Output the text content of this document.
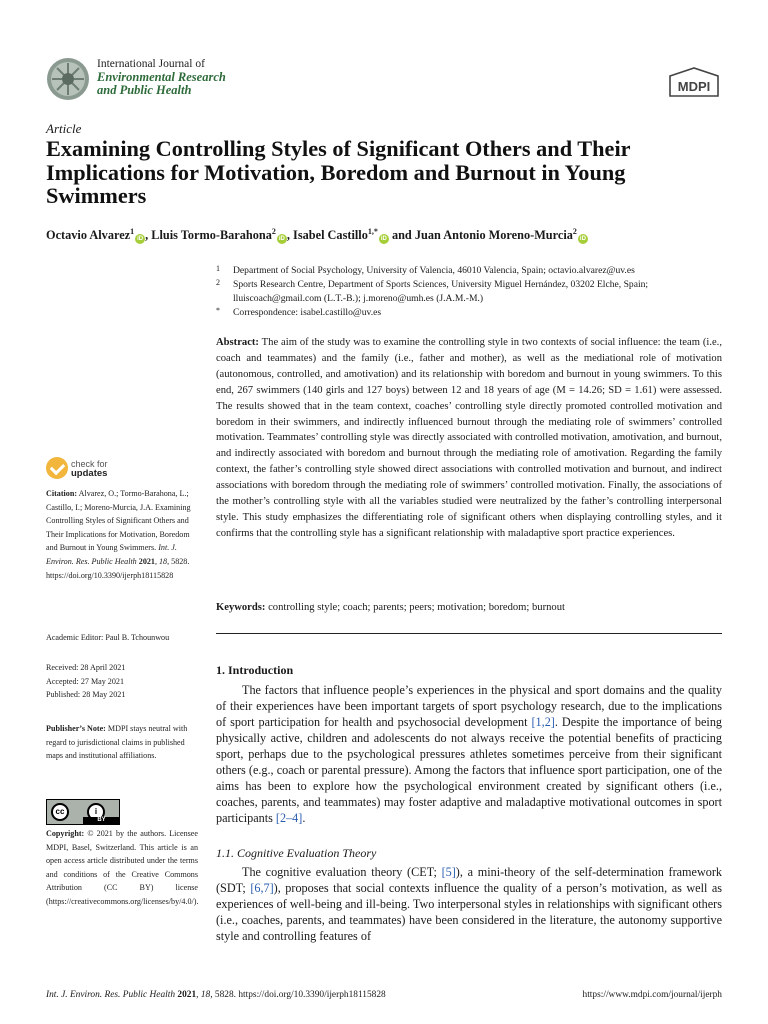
International Journal of
Environmental Research
and Public Health	MDPI
Article
Examining Controlling Styles of Significant Others and Their Implications for Motivation, Boredom and Burnout in Young Swimmers
Octavio Alvarez$^1$iD , Lluis Tormo-Barahona$^2$iD , Isabel Castillo$^{1,*}$iD and Juan Antonio Moreno-Murcia$^2$iD
1 Department of Social Psychology, University of Valencia, 46010 Valencia, Spain; octavio.alvarez@uv.es
2 Sports Research Centre, Department of Sports Sciences, University Miguel Hernández, 03202 Elche, Spain; lluiscoach@gmail.com (L.T.-B.); j.moreno@umh.es (J.A.M.-M.)
* Correspondence: isabel.castillo@uv.es
Abstract: The aim of the study was to examine the controlling style in two contexts of social influence: the team (i.e., coach and teammates) and the family (i.e., father and mother), as well as the mediational role of motivation (autonomous, controlled, and amotivation) and its relationship with boredom and burnout in young swimmers. To this end, 267 swimmers (140 girls and 127 boys) between 12 and 18 years of age (M = 14.26; SD = 1.61) were assessed. The results showed that in the team context, coaches’ controlling style directly promoted controlled motivation and boredom in their swimmers, and indirectly influenced burnout through the mediating role of swimmers’ controlled motivation. Teammates’ controlling style was directly associated with controlled motivation, amotivation, and burnout, and indirectly associated with boredom and burnout through the mediating role of amotivation. Regarding the family context, the father’s controlling style showed direct associations with controlled motivation and burnout, and indirect associations with boredom through the mediating role of swimmers’ controlled motivation. Finally, the associations of the mother’s controlling style with all the variables studied were neutralized by the father’s controlling interpersonal style. This study emphasizes the differentiating role of significant others when displaying controlling styles, and it confirms that the controlling style has a significant relationship with maladaptive sport practice experiences.
Keywords: controlling style; coach; parents; peers; motivation; boredom; burnout
check for
updates
Citation: Alvarez, O.; Tormo-Barahona, L.; Castillo, I.; Moreno-Murcia, J.A. Examining Controlling Styles of Significant Others and Their Implications for Motivation, Boredom and Burnout in Young Swimmers. Int. J. Environ. Res. Public Health 2021, 18, 5828. https://doi.org/10.3390/ijerph18115828
Academic Editor: Paul B. Tchounwou
Received: 28 April 2021
Accepted: 27 May 2021
Published: 28 May 2021
Publisher’s Note: MDPI stays neutral with regard to jurisdictional claims in published maps and institutional affiliations.
cc	i
BY
Copyright: © 2021 by the authors. Licensee MDPI, Basel, Switzerland. This article is an open access article distributed under the terms and conditions of the Creative Commons Attribution (CC BY) license (https://creativecommons.org/licenses/by/4.0/).
1. Introduction

The factors that influence people’s experiences in the physical and sport domains and the quality of their experiences have been important targets of sport psychology research, due to the implications of sport participation for health and psychosocial development [1,2]. Despite the importance of being physically active, children and adolescents do not always receive the potential benefits of practicing sport, perhaps due to the psychological pressures athletes sometimes perceive from their significant others (e.g., coach or parental pressure). Among the factors that influence sport participation, one of the aims has been to explore how the psychological environment created by significant others (i.e., coaches, parents, and teammates) may foster adaptive and maladaptive motivational outcomes in sport participants [2–4].

1.1. Cognitive Evaluation Theory

The cognitive evaluation theory (CET; [5]), a mini-theory of the self-determination framework (SDT; [6,7]), proposes that social contexts influence the quality of a person’s motivation, as well as experiences of well-being and ill-being. Two interpersonal styles in relationships with significant others (i.e., coaches, parents, and teammates) have been considered in the literature, the autonomy supportive style and controlling features of

Int. J. Environ. Res. Public Health 2021, 18, 5828. https://doi.org/10.3390/ijerph18115828	https://www.mdpi.com/journal/ijerph
